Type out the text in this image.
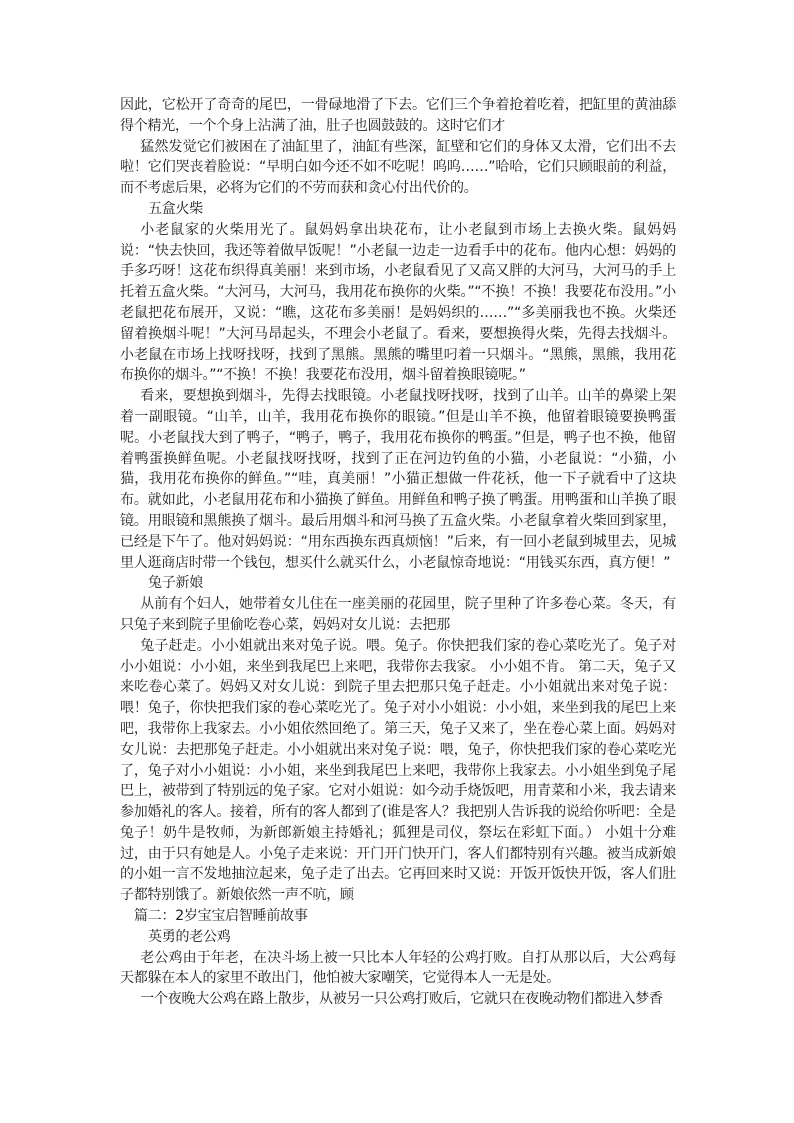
因此，它松开了奇奇的尾巴，一骨碌地滑了下去。它们三个争着抢着吃着，把缸里的黄油舔得个精光，一个个身上沾满了油，肚子也圆鼓鼓的。这时它们才

猛然发觉它们被困在了油缸里了，油缸有些深，缸壁和它们的身体又太滑，它们出不去啦！它们哭丧着脸说：“早明白如今还不如不吃呢！呜呜……”哈哈，它们只顾眼前的利益，而不考虑后果，必将为它们的不劳而获和贪心付出代价的。

五盒火柴

小老鼠家的火柴用光了。鼠妈妈拿出块花布，让小老鼠到市场上去换火柴。鼠妈妈说：“快去快回，我还等着做早饭呢！”小老鼠一边走一边看手中的花布。他内心想：妈妈的手多巧呀！这花布织得真美丽！来到市场，小老鼠看见了又高又胖的大河马，大河马的手上托着五盒火柴。“大河马，大河马，我用花布换你的火柴。”“不换！不换！我要花布没用。”小老鼠把花布展开，又说：“瞧，这花布多美丽！是妈妈织的……”“多美丽我也不换。火柴还留着换烟斗呢！”大河马昂起头，不理会小老鼠了。看来，要想换得火柴，先得去找烟斗。小老鼠在市场上找呀找呀，找到了黑熊。黑熊的嘴里叼着一只烟斗。“黑熊，黑熊，我用花布换你的烟斗。”“不换！不换！我要花布没用，烟斗留着换眼镜呢。”

看来，要想换到烟斗，先得去找眼镜。小老鼠找呀找呀，找到了山羊。山羊的鼻梁上架着一副眼镜。“山羊，山羊，我用花布换你的眼镜。”但是山羊不换，他留着眼镜要换鸭蛋呢。小老鼠找大到了鸭子，“鸭子，鸭子，我用花布换你的鸭蛋。”但是，鸭子也不换，他留着鸭蛋换鲜鱼呢。小老鼠找呀找呀，找到了正在河边钓鱼的小猫，小老鼠说：“小猫，小猫，我用花布换你的鲜鱼。”“哇，真美丽！”小猫正想做一件花袄，他一下子就看中了这块布。就如此，小老鼠用花布和小猫换了鲜鱼。用鲜鱼和鸭子换了鸭蛋。用鸭蛋和山羊换了眼镜。用眼镜和黑熊换了烟斗。最后用烟斗和河马换了五盒火柴。小老鼠拿着火柴回到家里，已经是下午了。他对妈妈说：“用东西换东西真烦恼！”后来，有一回小老鼠到城里去，见城里人逛商店时带一个钱包，想买什么就买什么，小老鼠惊奇地说：“用钱买东西，真方便！”

兔子新娘

从前有个妇人，她带着女儿住在一座美丽的花园里，院子里种了许多卷心菜。冬天，有只兔子来到院子里偷吃卷心菜，妈妈对女儿说：去把那

兔子赶走。小小姐就出来对兔子说。喂。兔子。你快把我们家的卷心菜吃光了。兔子对小小姐说：小小姐，来坐到我尾巴上来吧，我带你去我家。 小小姐不肯。 第二天，兔子又来吃卷心菜了。妈妈又对女儿说：到院子里去把那只兔子赶走。小小姐就出来对兔子说：喂！兔子，你快把我们家的卷心菜吃光了。兔子对小小姐说：小小姐，来坐到我的尾巴上来吧，我带你上我家去。小小姐依然回绝了。第三天，兔子又来了，坐在卷心菜上面。妈妈对女儿说：去把那兔子赶走。小小姐就出来对兔子说：喂，兔子，你快把我们家的卷心菜吃光了，兔子对小小姐说：小小姐，来坐到我尾巴上来吧，我带你上我家去。小小姐坐到兔子尾巴上，被带到了特别远的兔子家。它对小姐说：如今动手烧饭吧，用青菜和小米，我去请来参加婚礼的客人。接着，所有的客人都到了(谁是客人？我把别人告诉我的说给你听吧：全是兔子！奶牛是牧师，为新郎新娘主持婚礼；狐狸是司仪，祭坛在彩虹下面。） 小姐十分难过，由于只有她是人。小兔子走来说：开门开门快开门，客人们都特别有兴趣。被当成新娘的小姐一言不发地抽泣起来，兔子走了出去。它再回来时又说：开饭开饭快开饭，客人们肚子都特别饿了。新娘依然一声不吭，顾

篇二：2岁宝宝启智睡前故事

英勇的老公鸡

老公鸡由于年老，在决斗场上被一只比本人年轻的公鸡打败。自打从那以后，大公鸡每天都躲在本人的家里不敢出门，他怕被大家嘲笑，它觉得本人一无是处。

一个夜晚大公鸡在路上散步，从被另一只公鸡打败后，它就只在夜晚动物们都进入梦香
